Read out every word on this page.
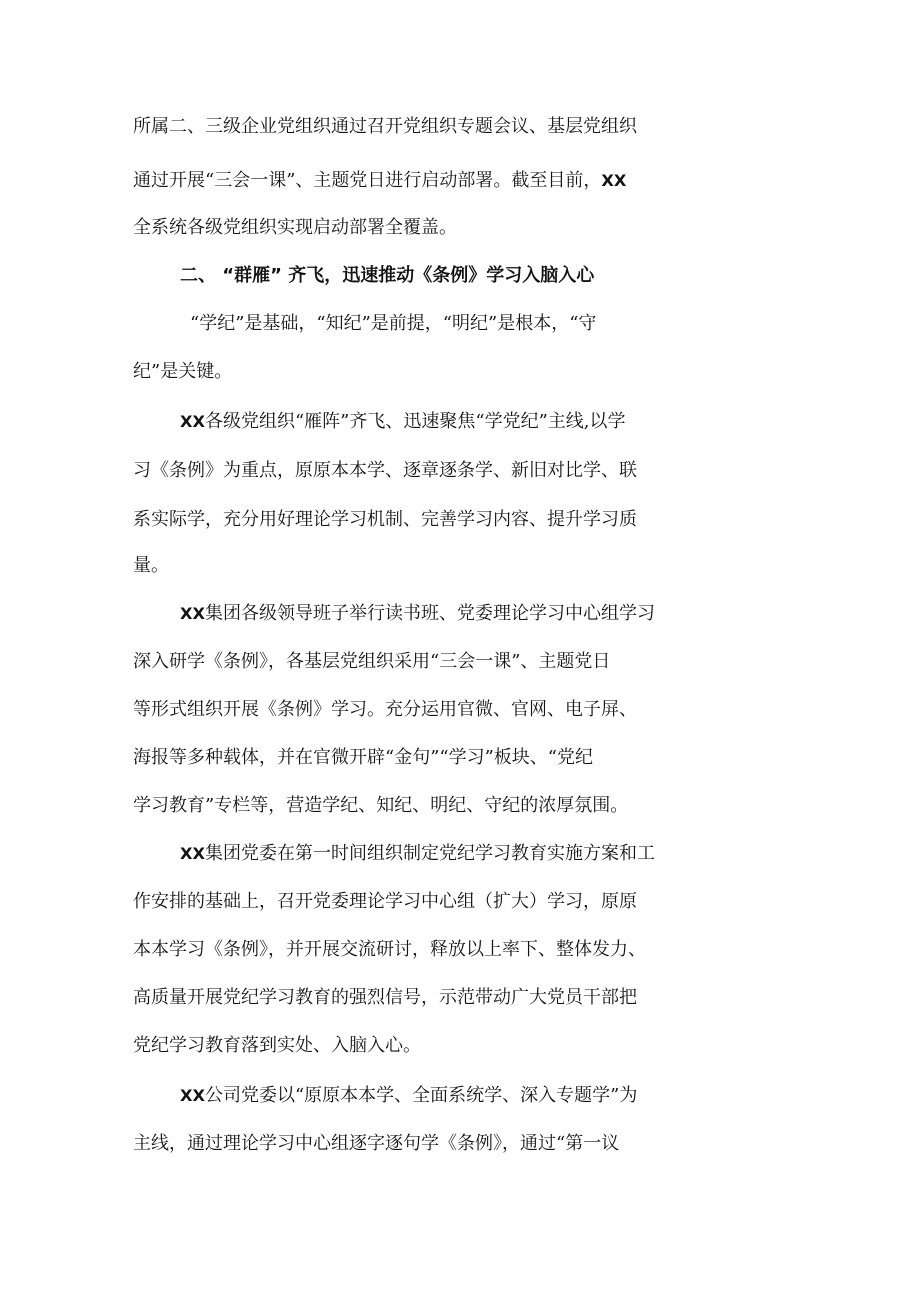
所属二、三级企业党组织通过召开党组织专题会议、基层党组织
通过开展“三会一课”、主题党日进行启动部署。截至目前，XX
全系统各级党组织实现启动部署全覆盖。
二、 “群雁” 齐飞，迅速推动《条例》学习入脑入心
“学纪”是基础，“知纪”是前提，“明纪”是根本，“守
纪”是关键。
XX各级党组织“雁阵”齐飞、迅速聚焦“学党纪”主线,以学
习《条例》为重点，原原本本学、逐章逐条学、新旧对比学、联
系实际学，充分用好理论学习机制、完善学习内容、提升学习质
量。
XX集团各级领导班子举行读书班、党委理论学习中心组学习
深入研学《条例》，各基层党组织采用“三会一课”、主题党日
等形式组织开展《条例》学习。充分运用官微、官网、电子屏、
海报等多种载体，并在官微开辟“金句”“学习”板块、“党纪
学习教育”专栏等，营造学纪、知纪、明纪、守纪的浓厚氛围。
XX集团党委在第一时间组织制定党纪学习教育实施方案和工
作安排的基础上，召开党委理论学习中心组（扩大）学习，原原
本本学习《条例》，并开展交流研讨，释放以上率下、整体发力、
高质量开展党纪学习教育的强烈信号，示范带动广大党员干部把
党纪学习教育落到实处、入脑入心。
XX公司党委以“原原本本学、全面系统学、深入专题学”为
主线，通过理论学习中心组逐字逐句学《条例》，通过“第一议
